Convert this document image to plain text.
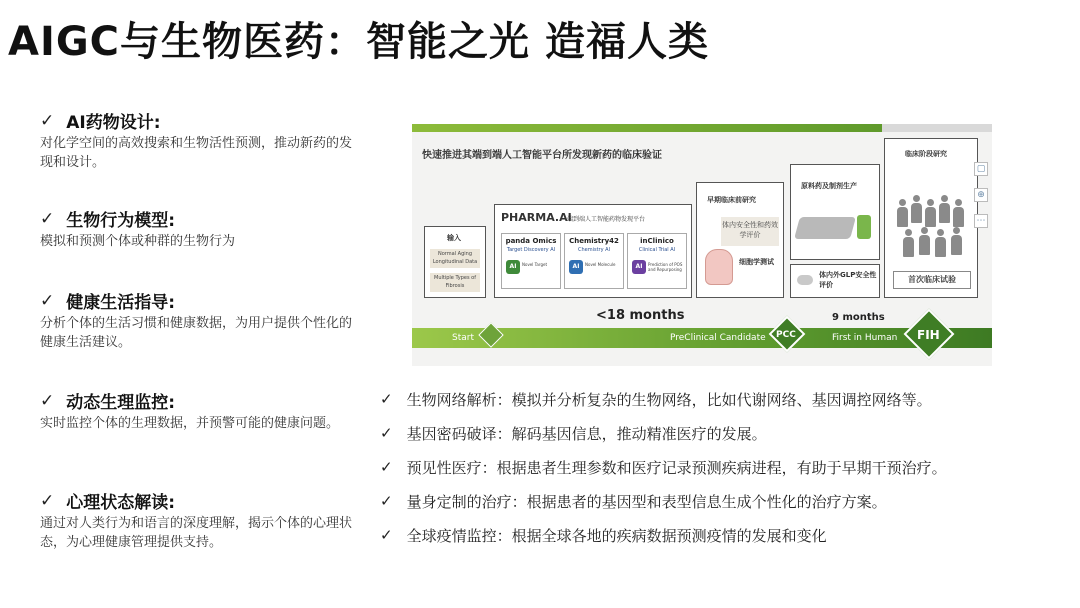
AIGC与生物医药：智能之光 造福人类
✓ AI药物设计:
对化学空间的高效搜索和生物活性预测，推动新药的发现和设计。
✓ 生物行为模型:
模拟和预测个体或种群的生物行为
✓ 健康生活指导:
分析个体的生活习惯和健康数据，为用户提供个性化的健康生活建议。
✓ 动态生理监控:
实时监控个体的生理数据，并预警可能的健康问题。
✓ 心理状态解读:
通过对人类行为和语言的深度理解，揭示个体的心理状态，为心理健康管理提供支持。
快速推进其端到端人工智能平台所发现新药的临床验证
输入
Normal Aging Longitudinal Data
Multiple Types of Fibrosis
PHARMA.AI
端到端人工智能药物发现平台
panda Omics
Target Discovery AI
AI	Novel Target
Chemistry42
Chemistry AI
AI	Novel Molecule
inClinico
Clinical Trial AI
AI	Prediction of POS and Repurposing
早期临床前研究
体内安全性和药效学评价
细胞学测试
原料药及制剂生产
体内外GLP安全性评价
临床阶段研究
首次临床试验
▢
⊕
⋯
<18 months	9 months
Start	PreClinical Candidate	First in Human
PCC	FIH
✓ 生物网络解析：模拟并分析复杂的生物网络，比如代谢网络、基因调控网络等。
✓ 基因密码破译：解码基因信息，推动精准医疗的发展。
✓ 预见性医疗：根据患者生理参数和医疗记录预测疾病进程，有助于早期干预治疗。
✓ 量身定制的治疗：根据患者的基因型和表型信息生成个性化的治疗方案。
✓ 全球疫情监控：根据全球各地的疾病数据预测疫情的发展和变化
